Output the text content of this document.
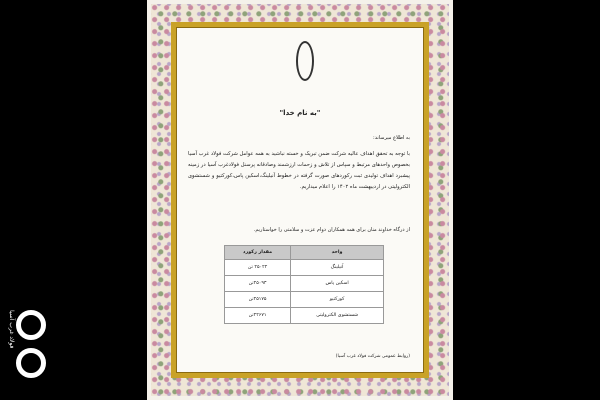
فولاد غرب آسیا
"به نام خدا"
به اطلاع میرساند:
با توجه به تحقق اهداف عالیه شرکت ضمن تبریک و خسته نباشید به همه عوامل شرکت فولاد غرب آسیا بخصوص واحدهای مرتبط و سپاس از تلاش و زحمات ارزشمند وصادقانه پرسنل فولادغرب آسیا در زمینه پیشبرد اهداف تولیدی ثبت رکوردهای صورت گرفته در خطوط آنیلینگ،اسکین پاس،کورکتیو و شستشوی الکترولیتی در اردیبهشت ماه ۱۴۰۲ را اعلام میداریم.
از درگاه خداوند منان برای همه همکاران دوام عزت و سلامتی را خواستاریم.
واحد	مقدار رکورد
آنیلینگ	۲۵۰۲۲ تن
اسکین پاس	۲۵۰۹۳تن
کورکتیو	۲۵۱۷۵تن
شستشوی الکترولیتی	۲۲۶۷۱تن
(روابط عمومی شرکت فولاد غرب آسیا)
